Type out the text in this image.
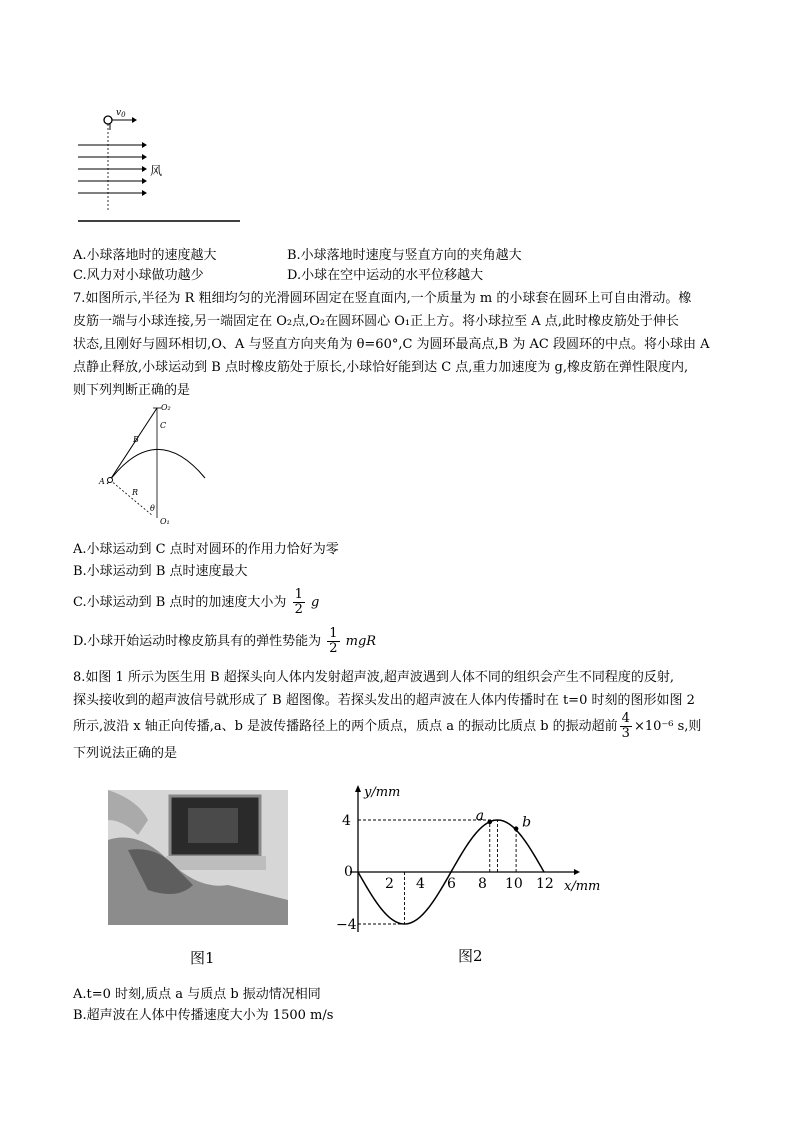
$v_0$
风
A.小球落地时的速度越大	B.小球落地时速度与竖直方向的夹角越大
C.风力对小球做功越少	D.小球在空中运动的水平位移越大
7.如图所示,半径为 R 粗细均匀的光滑圆环固定在竖直面内,一个质量为 m 的小球套在圆环上可自由滑动。橡
皮筋一端与小球连接,另一端固定在 O₂点,O₂在圆环圆心 O₁正上方。将小球拉至 A 点,此时橡皮筋处于伸长
状态,且刚好与圆环相切,O、A 与竖直方向夹角为 θ=60°,C 为圆环最高点,B 为 AC 段圆环的中点。将小球由 A
点静止释放,小球运动到 B 点时橡皮筋处于原长,小球恰好能到达 C 点,重力加速度为 g,橡皮筋在弹性限度内,
则下列判断正确的是
O₂
C
B
A
R
θ
O₁
A.小球运动到 C 点时对圆环的作用力恰好为零
B.小球运动到 B 点时速度最大
C.小球运动到 B 点时的加速度大小为 $\frac{1}{2}$ g
D.小球开始运动时橡皮筋具有的弹性势能为 $\frac{1}{2}$ mgR
8.如图 1 所示为医生用 B 超探头向人体内发射超声波,超声波遇到人体不同的组织会产生不同程度的反射,
探头接收到的超声波信号就形成了 B 超图像。若探头发出的超声波在人体内传播时在 t=0 时刻的图形如图 2
所示,波沿 x 轴正向传播,a、b 是波传播路径上的两个质点，质点 a 的振动比质点 b 的振动超前 $\frac{4}{3} \times 10^{-6}$ s,则
下列说法正确的是
图1
y/mm
x/mm
0
2 4 6 8 10 12
4
−4
a	b
图2
A.t=0 时刻,质点 a 与质点 b 振动情况相同
B.超声波在人体中传播速度大小为 1500 m/s
